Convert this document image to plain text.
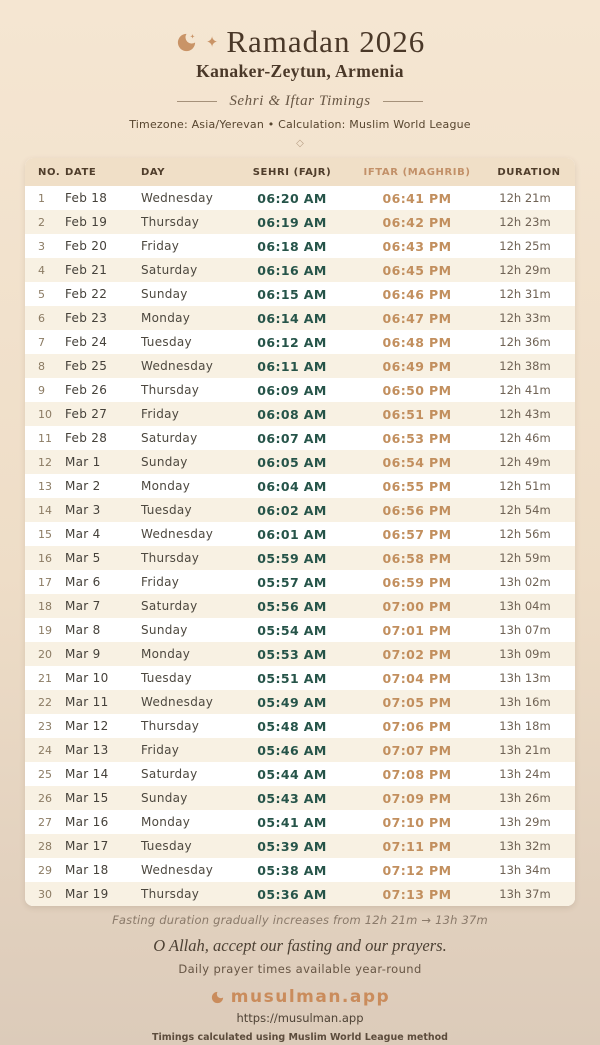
✦ Ramadan 2026
Kanaker-Zeytun, Armenia
Sehri & Iftar Timings
Timezone: Asia/Yerevan • Calculation: Muslim World League
◇
NO.	DATE	DAY	SEHRI (FAJR)	IFTAR (MAGHRIB)	DURATION
1	Feb 18	Wednesday	06:20 AM	06:41 PM	12h 21m
2	Feb 19	Thursday	06:19 AM	06:42 PM	12h 23m
3	Feb 20	Friday	06:18 AM	06:43 PM	12h 25m
4	Feb 21	Saturday	06:16 AM	06:45 PM	12h 29m
5	Feb 22	Sunday	06:15 AM	06:46 PM	12h 31m
6	Feb 23	Monday	06:14 AM	06:47 PM	12h 33m
7	Feb 24	Tuesday	06:12 AM	06:48 PM	12h 36m
8	Feb 25	Wednesday	06:11 AM	06:49 PM	12h 38m
9	Feb 26	Thursday	06:09 AM	06:50 PM	12h 41m
10	Feb 27	Friday	06:08 AM	06:51 PM	12h 43m
11	Feb 28	Saturday	06:07 AM	06:53 PM	12h 46m
12	Mar 1	Sunday	06:05 AM	06:54 PM	12h 49m
13	Mar 2	Monday	06:04 AM	06:55 PM	12h 51m
14	Mar 3	Tuesday	06:02 AM	06:56 PM	12h 54m
15	Mar 4	Wednesday	06:01 AM	06:57 PM	12h 56m
16	Mar 5	Thursday	05:59 AM	06:58 PM	12h 59m
17	Mar 6	Friday	05:57 AM	06:59 PM	13h 02m
18	Mar 7	Saturday	05:56 AM	07:00 PM	13h 04m
19	Mar 8	Sunday	05:54 AM	07:01 PM	13h 07m
20	Mar 9	Monday	05:53 AM	07:02 PM	13h 09m
21	Mar 10	Tuesday	05:51 AM	07:04 PM	13h 13m
22	Mar 11	Wednesday	05:49 AM	07:05 PM	13h 16m
23	Mar 12	Thursday	05:48 AM	07:06 PM	13h 18m
24	Mar 13	Friday	05:46 AM	07:07 PM	13h 21m
25	Mar 14	Saturday	05:44 AM	07:08 PM	13h 24m
26	Mar 15	Sunday	05:43 AM	07:09 PM	13h 26m
27	Mar 16	Monday	05:41 AM	07:10 PM	13h 29m
28	Mar 17	Tuesday	05:39 AM	07:11 PM	13h 32m
29	Mar 18	Wednesday	05:38 AM	07:12 PM	13h 34m
30	Mar 19	Thursday	05:36 AM	07:13 PM	13h 37m
Fasting duration gradually increases from 12h 21m → 13h 37m
O Allah, accept our fasting and our prayers.
Daily prayer times available year-round
musulman.app
https://musulman.app
Timings calculated using Muslim World League method
